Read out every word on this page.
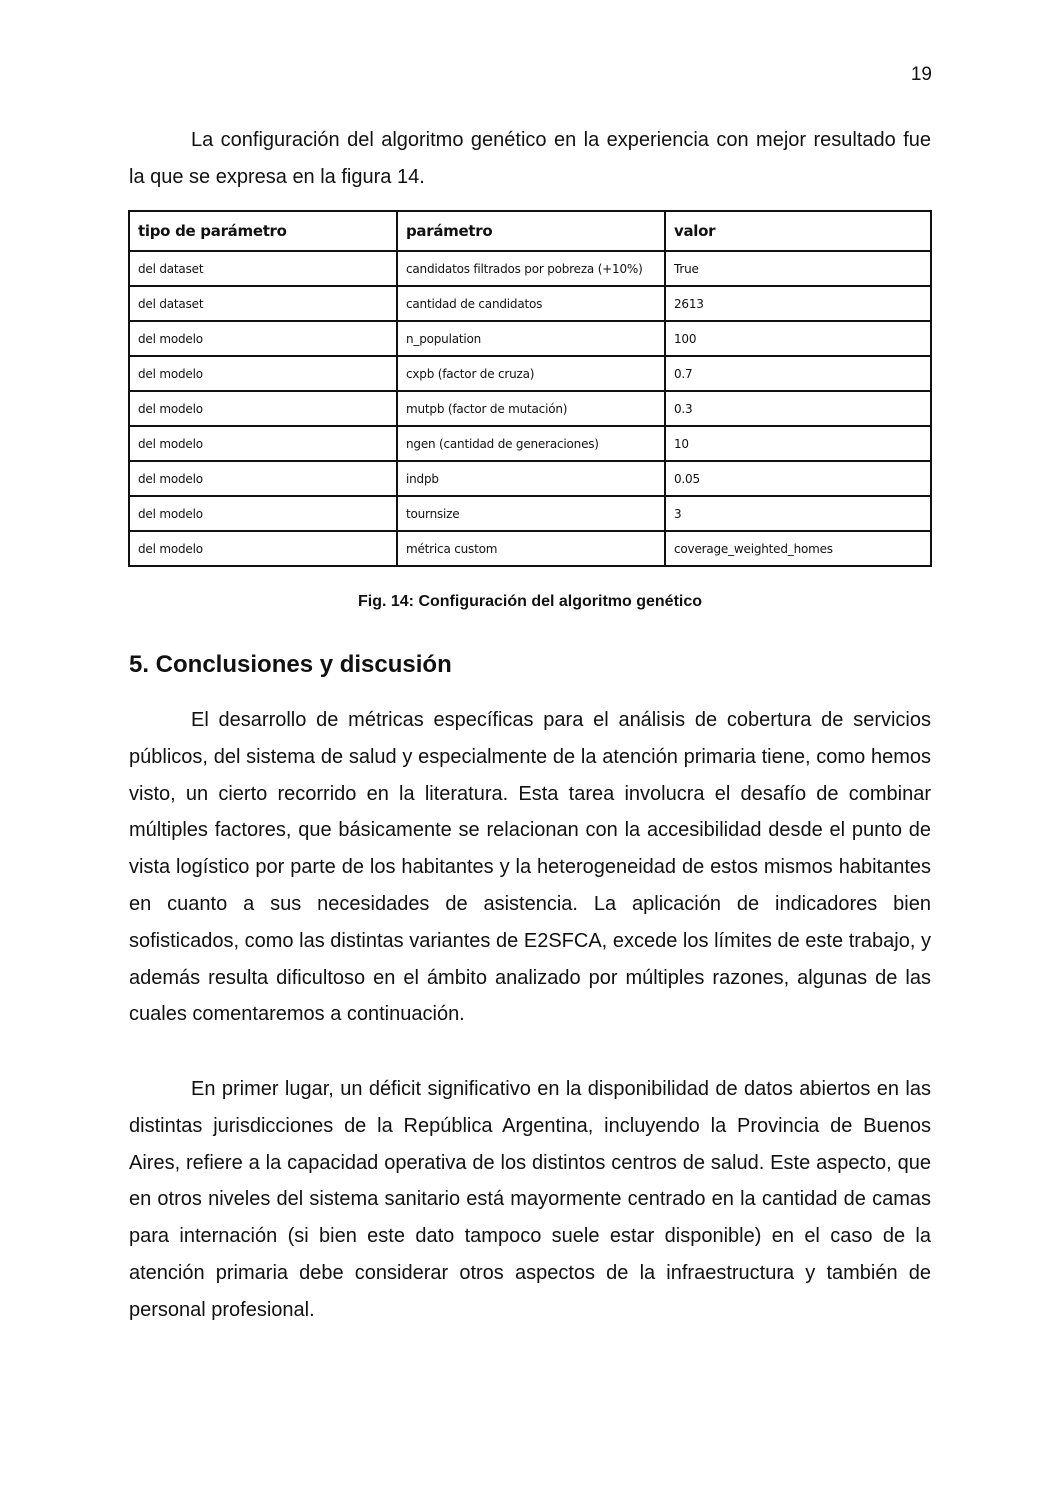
19

La configuración del algoritmo genético en la experiencia con mejor resultado fue la que se expresa en la figura 14.

tipo de parámetro	parámetro	valor
del dataset	candidatos filtrados por pobreza (+10%)	True
del dataset	cantidad de candidatos	2613
del modelo	n_population	100
del modelo	cxpb (factor de cruza)	0.7
del modelo	mutpb (factor de mutación)	0.3
del modelo	ngen (cantidad de generaciones)	10
del modelo	indpb	0.05
del modelo	tournsize	3
del modelo	métrica custom	coverage_weighted_homes
Fig. 14: Configuración del algoritmo genético
5. Conclusiones y discusión

El desarrollo de métricas específicas para el análisis de cobertura de servicios públicos, del sistema de salud y especialmente de la atención primaria tiene, como hemos visto, un cierto recorrido en la literatura. Esta tarea involucra el desafío de combinar múltiples factores, que básicamente se relacionan con la accesibilidad desde el punto de vista logístico por parte de los habitantes y la heterogeneidad de estos mismos habitantes en cuanto a sus necesidades de asistencia. La aplicación de indicadores bien sofisticados, como las distintas variantes de E2SFCA, excede los límites de este trabajo, y además resulta dificultoso en el ámbito analizado por múltiples razones, algunas de las cuales comentaremos a continuación.

En primer lugar, un déficit significativo en la disponibilidad de datos abiertos en las distintas jurisdicciones de la República Argentina, incluyendo la Provincia de Buenos Aires, refiere a la capacidad operativa de los distintos centros de salud. Este aspecto, que en otros niveles del sistema sanitario está mayormente centrado en la cantidad de camas para internación (si bien este dato tampoco suele estar disponible) en el caso de la atención primaria debe considerar otros aspectos de la infraestructura y también de personal profesional.
